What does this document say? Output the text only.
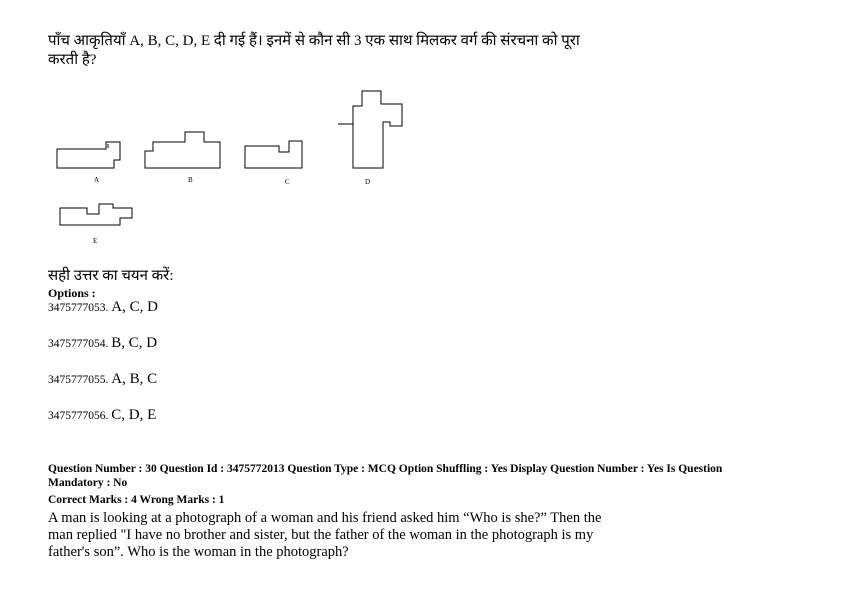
पाँच आकृतियाँ A, B, C, D, E दी गई हैं। इनमें से कौन सी 3 एक साथ मिलकर वर्ग की संरचना को पूरा
करती है?
A	B	C	D
E
सही उत्तर का चयन करें:
Options :
3475777053. A, C, D
3475777054. B, C, D
3475777055. A, B, C
3475777056. C, D, E
Question Number : 30 Question Id : 3475772013 Question Type : MCQ Option Shuffling : Yes Display Question Number : Yes Is Question
Mandatory : No
Correct Marks : 4 Wrong Marks : 1
A man is looking at a photograph of a woman and his friend asked him “Who is she?” Then the
man replied "I have no brother and sister, but the father of the woman in the photograph is my
father's son”. Who is the woman in the photograph?
